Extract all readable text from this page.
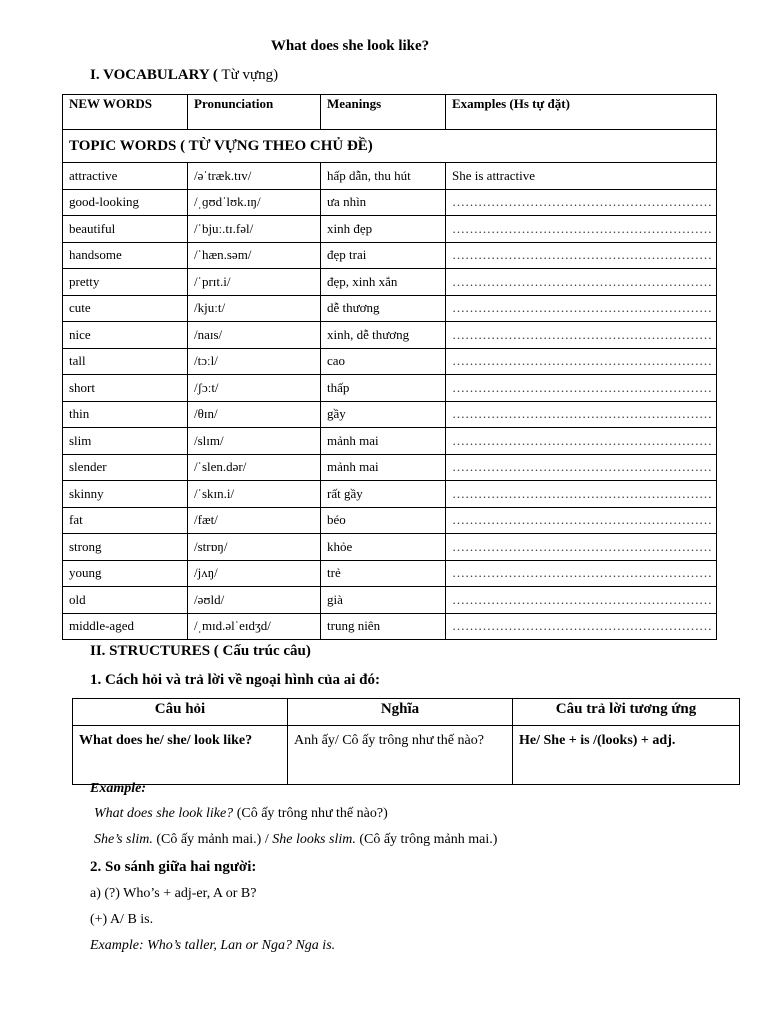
What does she look like?
I. VOCABULARY ( Từ vựng)
NEW WORDS	Pronunciation	Meanings	Examples (Hs tự đặt)
TOPIC WORDS ( TỪ VỰNG THEO CHỦ ĐỀ)			
attractive	/əˈtræk.tɪv/	hấp dẫn, thu hút	She is attractive
good-looking	/ˌɡʊdˈlʊk.ɪŋ/	ưa nhìn	……………………………………………………
beautiful	/ˈbjuː.tɪ.fəl/	xinh đẹp	……………………………………………………
handsome	/ˈhæn.səm/	đẹp trai	……………………………………………………
pretty	/ˈprɪt.i/	đẹp, xinh xắn	……………………………………………………
cute	/kjuːt/	dễ thương	……………………………………………………
nice	/naɪs/	xinh, dễ thương	……………………………………………………
tall	/tɔːl/	cao	……………………………………………………
short	/ʃɔːt/	thấp	……………………………………………………
thin	/θɪn/	gầy	……………………………………………………
slim	/slɪm/	mảnh mai	……………………………………………………
slender	/ˈslen.dər/	mảnh mai	……………………………………………………
skinny	/ˈskɪn.i/	rất gầy	……………………………………………………
fat	/fæt/	béo	……………………………………………………
strong	/strɒŋ/	khỏe	……………………………………………………
young	/jʌŋ/	trẻ	……………………………………………………
old	/əʊld/	già	……………………………………………………
middle-aged	/ˌmɪd.əlˈeɪdʒd/	trung niên	……………………………………………………
II. STRUCTURES ( Cấu trúc câu)
1. Cách hỏi và trả lời về ngoại hình của ai đó:
Câu hỏi	Nghĩa	Câu trả lời tương ứng
What does he/ she/ look like?	Anh ấy/ Cô ấy trông như thế nào?	He/ She + is /(looks) + adj.
Example:
What does she look like? (Cô ấy trông như thế nào?)
She’s slim. (Cô ấy mảnh mai.) / She looks slim. (Cô ấy trông mảnh mai.)
2. So sánh giữa hai người:
a) (?) Who’s + adj-er, A or B?
(+) A/ B is.
Example: Who’s taller, Lan or Nga? Nga is.
